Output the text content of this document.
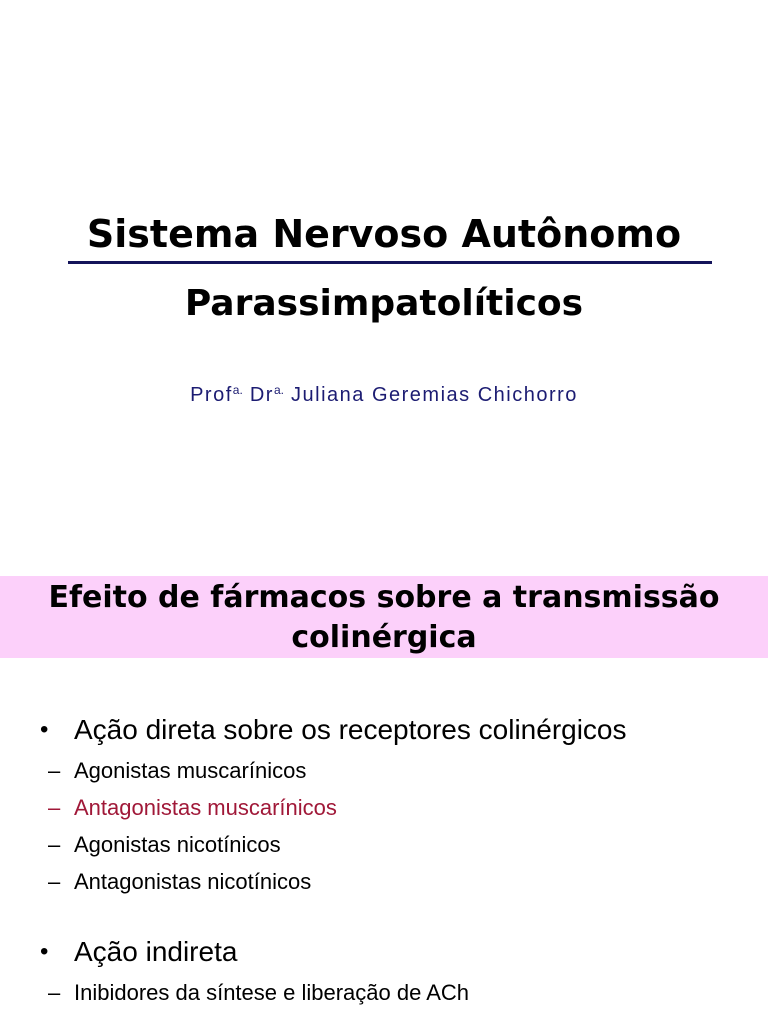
Sistema Nervoso Autônomo
Parassimpatolíticos

Prof$^{a.}$ $Dr^{a.}$ Juliana Geremias Chichorro

Efeito de fármacos sobre a transmissão
colinérgica
• Ação direta sobre os receptores colinérgicos
– Agonistas muscarínicos
– Antagonistas muscarínicos
– Agonistas nicotínicos
– Antagonistas nicotínicos
• Ação indireta
– Inibidores da síntese e liberação de ACh
